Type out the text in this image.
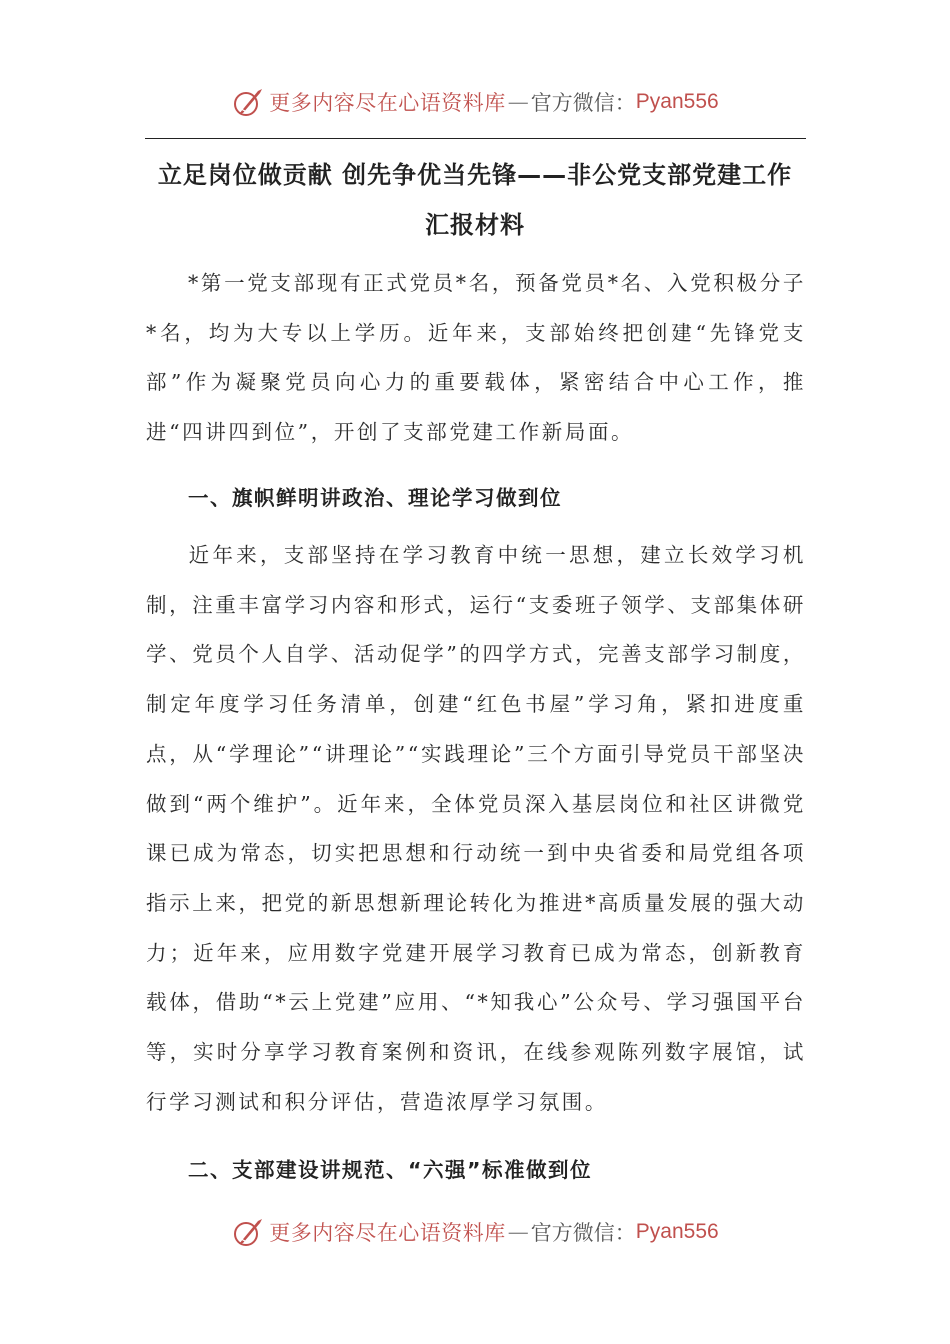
更多内容尽在心语资料库 — 官方微信： Pyan556
立足岗位做贡献 创先争优当先锋——非公党支部党建工作
汇报材料

*第一党支部现有正式党员*名，预备党员*名、入党积极分子*名，均为大专以上学历。近年来，支部始终把创建“先锋党支部”作为凝聚党员向心力的重要载体，紧密结合中心工作，推进“四讲四到位”，开创了支部党建工作新局面。

一、旗帜鲜明讲政治、理论学习做到位

近年来，支部坚持在学习教育中统一思想，建立长效学习机制，注重丰富学习内容和形式，运行“支委班子领学、支部集体研学、党员个人自学、活动促学”的四学方式，完善支部学习制度，制定年度学习任务清单，创建“红色书屋”学习角，紧扣进度重点，从“学理论”“讲理论”“实践理论”三个方面引导党员干部坚决做到“两个维护”。近年来，全体党员深入基层岗位和社区讲微党课已成为常态，切实把思想和行动统一到中央省委和局党组各项指示上来，把党的新思想新理论转化为推进*高质量发展的强大动力；近年来，应用数字党建开展学习教育已成为常态，创新教育载体，借助“*云上党建”应用、“*知我心”公众号、学习强国平台等，实时分享学习教育案例和资讯，在线参观陈列数字展馆，试行学习测试和积分评估，营造浓厚学习氛围。

二、支部建设讲规范、“六强”标准做到位

更多内容尽在心语资料库 — 官方微信： Pyan556
